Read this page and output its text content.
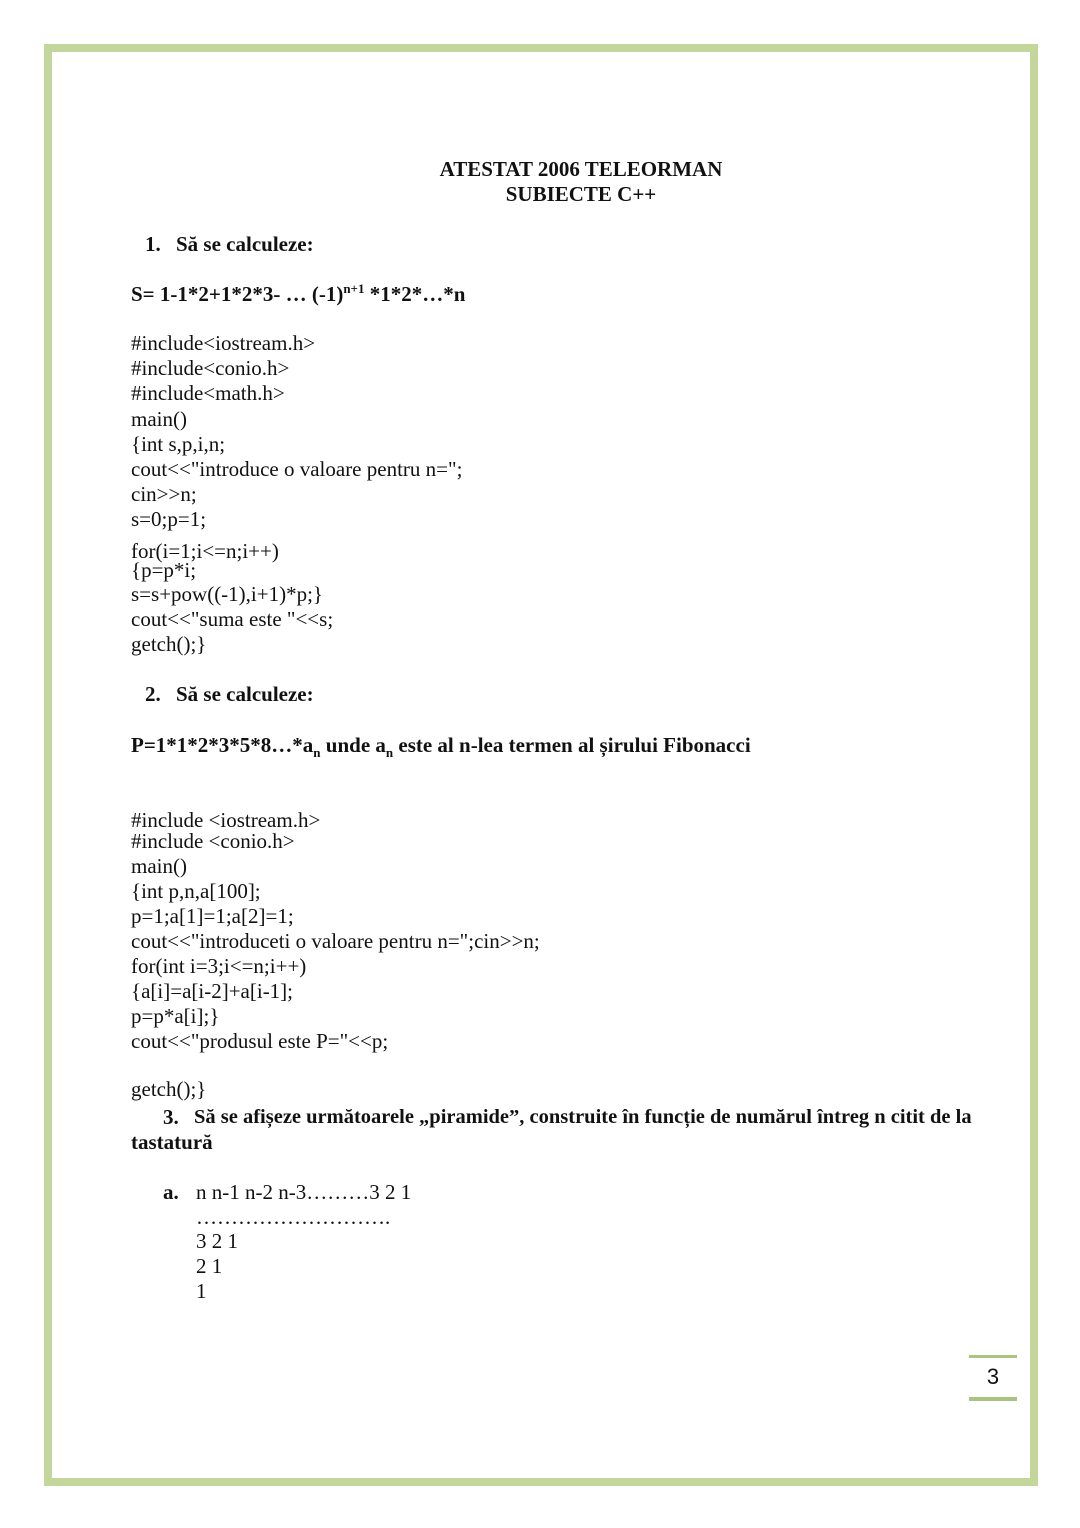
ATESTAT 2006 TELEORMAN
SUBIECTE C++
1. Să se calculeze:
S= 1-1*2+1*2*3- … $(-1)^{n+1}$ *1*2*…*n
#include<iostream.h>
#include<conio.h>
#include<math.h>
main()
{int s,p,i,n;
cout<<"introduce o valoare pentru n=";
cin>>n;
s=0;p=1;
for(i=1;i<=n;i++)
{p=p*i;
s=s+pow((-1),i+1)*p;}
cout<<"suma este "<<s;
getch();}
2. Să se calculeze:
$P=1*1*2*3*5*8\dots*a_n$ unde $a_n$ este al n-lea termen al șirului Fibonacci
#include <iostream.h>
#include <conio.h>
main()
{int p,n,a[100];
p=1;a[1]=1;a[2]=1;
cout<<"introduceti o valoare pentru n=";cin>>n;
for(int i=3;i<=n;i++)
{a[i]=a[i-2]+a[i-1];
p=p*a[i];}
cout<<"produsul este P="<<p;
getch();}
3. Să se afișeze următoarele „piramide”, construite în funcție de numărul întreg n citit de la
tastatură
a. n n-1 n-2 n-3………3 2 1
……………………….
3 2 1
2 1
1
3
